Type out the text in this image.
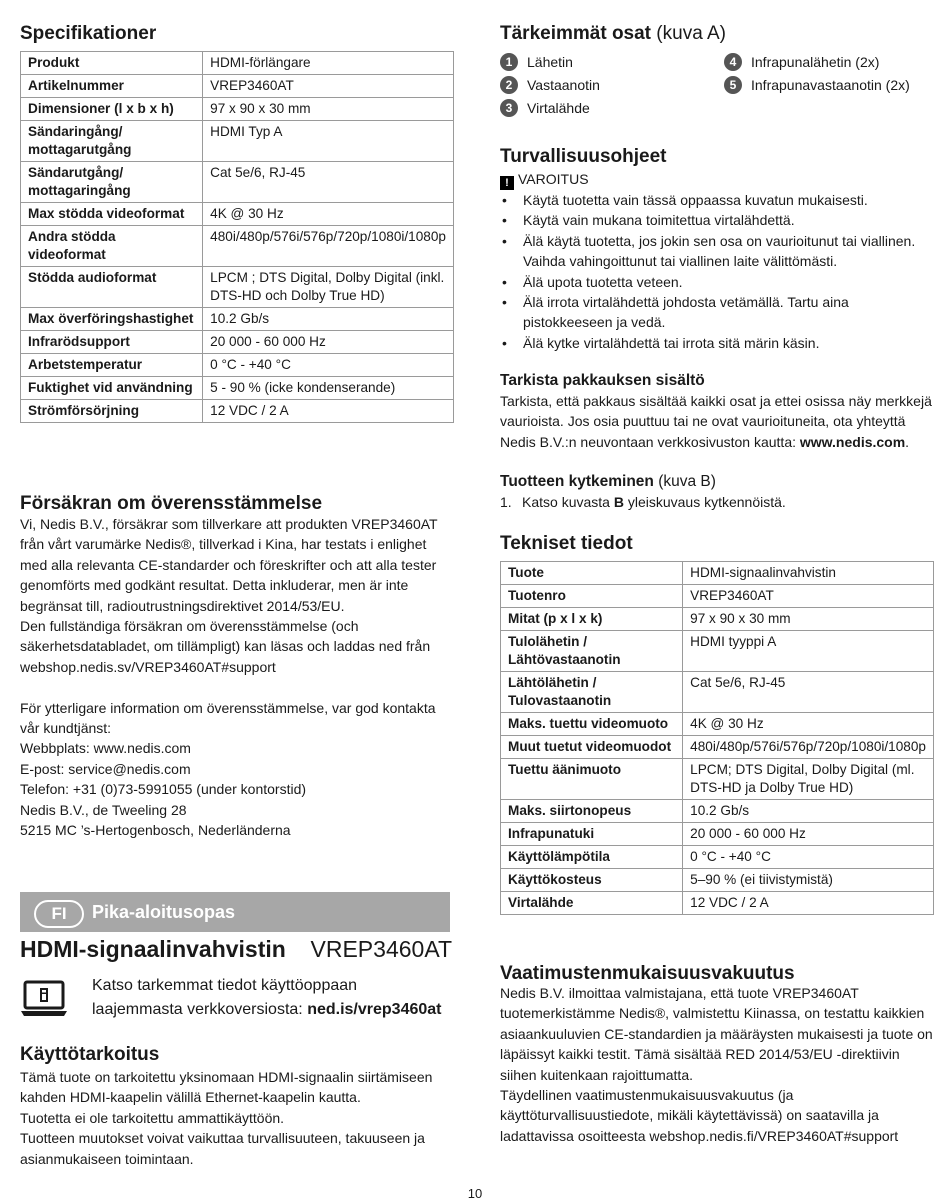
Specifikationer
Produkt	HDMI-förlängare
Artikelnummer	VREP3460AT
Dimensioner (l x b x h)	97 x 90 x 30 mm
Sändaringång/ mottagarutgång	HDMI Typ A
Sändarutgång/ mottagaringång	Cat 5e/6, RJ-45
Max stödda videoformat	4K @ 30 Hz
Andra stödda videoformat	480i/480p/576i/576p/720p/1080i/1080p
Stödda audioformat	LPCM ; DTS Digital, Dolby Digital (inkl. DTS-HD och Dolby True HD)
Max överföringshastighet	10.2 Gb/s
Infrarödsupport	20 000 - 60 000 Hz
Arbetstemperatur	0 °C - +40 °C
Fuktighet vid användning	5 - 90 % (icke kondenserande)
Strömförsörjning	12 VDC / 2 A
Försäkran om överensstämmelse

Vi, Nedis B.V., försäkrar som tillverkare att produkten VREP3460AT från vårt varumärke Nedis®, tillverkad i Kina, har testats i enlighet med alla relevanta CE-standarder och föreskrifter och att alla tester genomförts med godkänt resultat. Detta inkluderar, men är inte begränsat till, radioutrustningsdirektivet 2014/53/EU.

Den fullständiga försäkran om överensstämmelse (och säkerhetsdatabladet, om tillämpligt) kan läsas och laddas ned från webshop.nedis.sv/VREP3460AT#support

För ytterligare information om överensstämmelse, var god kontakta vår kundtjänst:

Webbplats: www.nedis.com
E-post: service@nedis.com
Telefon: +31 (0)73-5991055 (under kontorstid)
Nedis B.V., de Tweeling 28
5215 MC ’s-Hertogenbosch, Nederländerna
Käyttötarkoitus

Tämä tuote on tarkoitettu yksinomaan HDMI-signaalin siirtämiseen kahden HDMI-kaapelin välillä Ethernet-kaapelin kautta.

Tuotetta ei ole tarkoitettu ammattikäyttöön.

Tuotteen muutokset voivat vaikuttaa turvallisuuteen, takuuseen ja asianmukaiseen toimintaan.

FI	Pika-aloitusopas
HDMI-signaalinvahvistin VREP3460AT
Katso tarkemmat tiedot käyttöoppaan
laajemmasta verkkoversiosta: ned.is/vrep3460at
Tärkeimmät osat (kuva A)
1	Lähetin
2	Vastaanotin
3	Virtalähde
4	Infrapunalähetin (2x)
5	Infrapunavastaanotin (2x)
Turvallisuusohjeet
! VAROITUS
• Käytä tuotetta vain tässä oppaassa kuvatun mukaisesti.
• Käytä vain mukana toimitettua virtalähdettä.
• Älä käytä tuotetta, jos jokin sen osa on vaurioitunut tai viallinen. Vaihda vahingoittunut tai viallinen laite välittömästi.
• Älä upota tuotetta veteen.
• Älä irrota virtalähdettä johdosta vetämällä. Tartu aina pistokkeeseen ja vedä.
• Älä kytke virtalähdettä tai irrota sitä märin käsin.
Tarkista pakkauksen sisältö

Tarkista, että pakkaus sisältää kaikki osat ja ettei osissa näy merkkejä vaurioista. Jos osia puuttuu tai ne ovat vaurioituneita, ota yhteyttä Nedis B.V.:n neuvontaan verkkosivuston kautta: www.nedis.com.

Tuotteen kytkeminen (kuva B)

1. Katso kuvasta B yleiskuvaus kytkennöistä.

Tekniset tiedot
Tuote	HDMI-signaalinvahvistin
Tuotenro	VREP3460AT
Mitat (p x l x k)	97 x 90 x 30 mm
Tulolähetin / Lähtövastaanotin	HDMI tyyppi A
Lähtölähetin / Tulovastaanotin	Cat 5e/6, RJ-45
Maks. tuettu videomuoto	4K @ 30 Hz
Muut tuetut videomuodot	480i/480p/576i/576p/720p/1080i/1080p
Tuettu äänimuoto	LPCM; DTS Digital, Dolby Digital (ml. DTS-HD ja Dolby True HD)
Maks. siirtonopeus	10.2 Gb/s
Infrapunatuki	20 000 - 60 000 Hz
Käyttölämpötila	0 °C - +40 °C
Käyttökosteus	5–90 % (ei tiivistymistä)
Virtalähde	12 VDC / 2 A
Vaatimustenmukaisuusvakuutus

Nedis B.V. ilmoittaa valmistajana, että tuote VREP3460AT tuotemerkistämme Nedis®, valmistettu Kiinassa, on testattu kaikkien asiaankuuluvien CE-standardien ja määräysten mukaisesti ja tuote on läpäissyt kaikki testit. Tämä sisältää RED 2014/53/EU -direktiivin siihen kuitenkaan rajoittumatta.

Täydellinen vaatimustenmukaisuusvakuutus (ja käyttöturvallisuustiedote, mikäli käytettävissä) on saatavilla ja ladattavissa osoitteesta webshop.nedis.fi/VREP3460AT#support

10
